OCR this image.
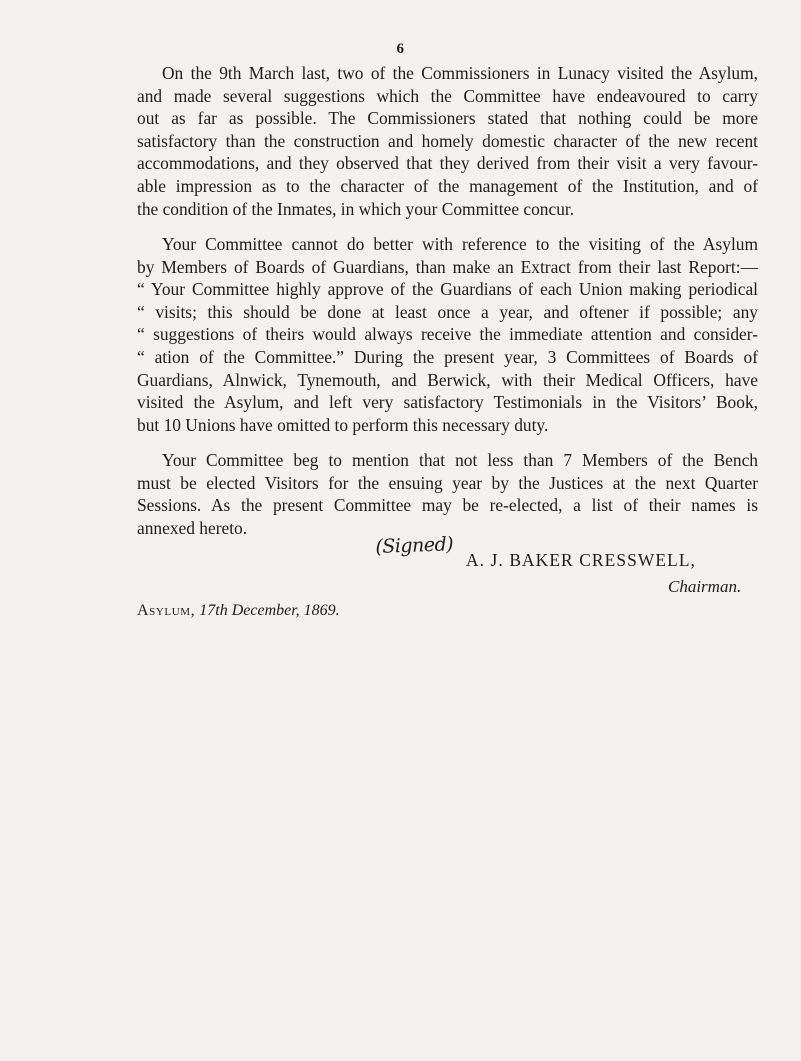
6
On the 9th March last, two of the Commissioners in Lunacy visited the Asylum,
and made several suggestions which the Committee have endeavoured to carry
out as far as possible. The Commissioners stated that nothing could be more
satisfactory than the construction and homely domestic character of the new recent
accommodations, and they observed that they derived from their visit a very favour-
able impression as to the character of the management of the Institution, and of
the condition of the Inmates, in which your Committee concur.
Your Committee cannot do better with reference to the visiting of the Asylum
by Members of Boards of Guardians, than make an Extract from their last Report:—
“ Your Committee highly approve of the Guardians of each Union making periodical
“ visits; this should be done at least once a year, and oftener if possible; any
“ suggestions of theirs would always receive the immediate attention and consider-
“ ation of the Committee.” During the present year, 3 Committees of Boards of
Guardians, Alnwick, Tynemouth, and Berwick, with their Medical Officers, have
visited the Asylum, and left very satisfactory Testimonials in the Visitors’ Book,
but 10 Unions have omitted to perform this necessary duty.
Your Committee beg to mention that not less than 7 Members of the Bench
must be elected Visitors for the ensuing year by the Justices at the next Quarter
Sessions. As the present Committee may be re-elected, a list of their names is
annexed hereto.
(Signed)
A. J. BAKER CRESSWELL,
Chairman.
Asylum, 17th December, 1869.
